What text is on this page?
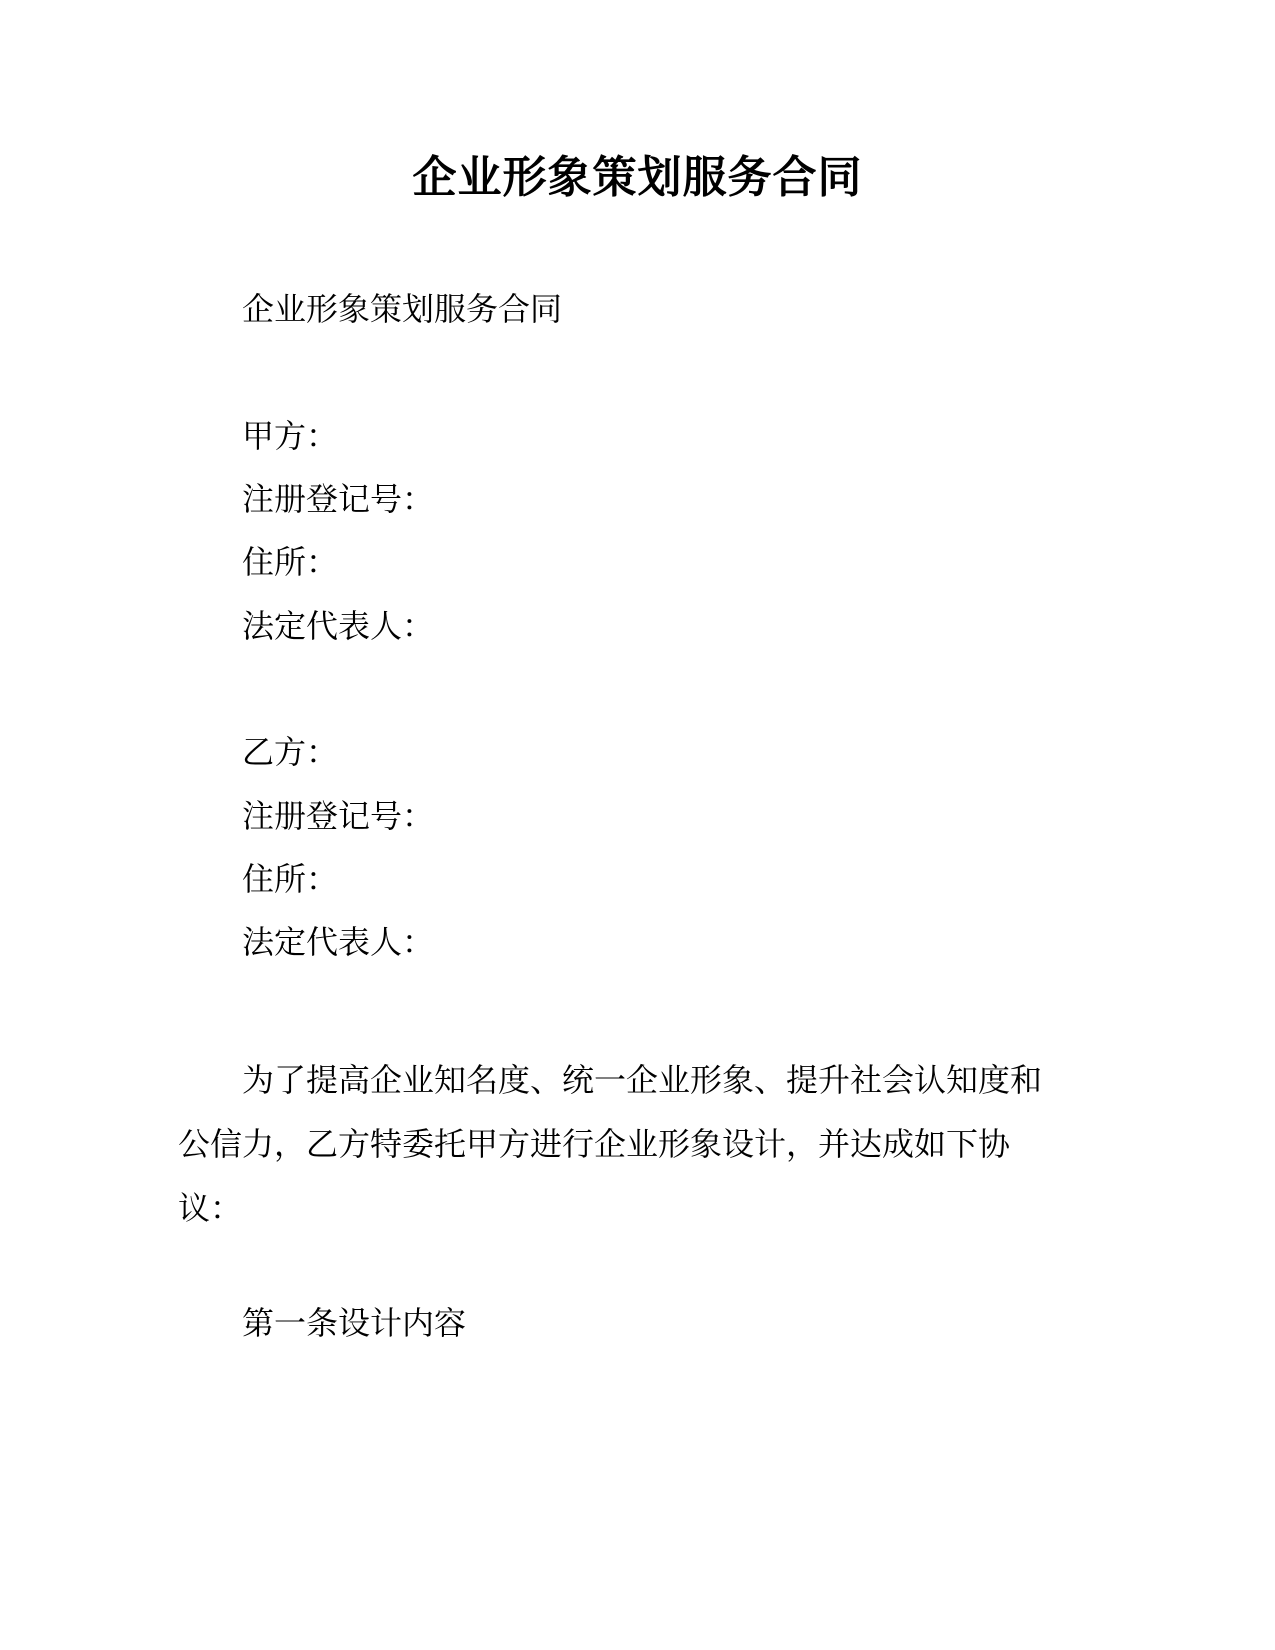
企业形象策划服务合同
企业形象策划服务合同
甲方：
注册登记号：
住所：
法定代表人：
乙方：
注册登记号：
住所：
法定代表人：
为了提高企业知名度、统一企业形象、提升社会认知度和公信力，乙方特委托甲方进行企业形象设计，并达成如下协议：
第一条设计内容
